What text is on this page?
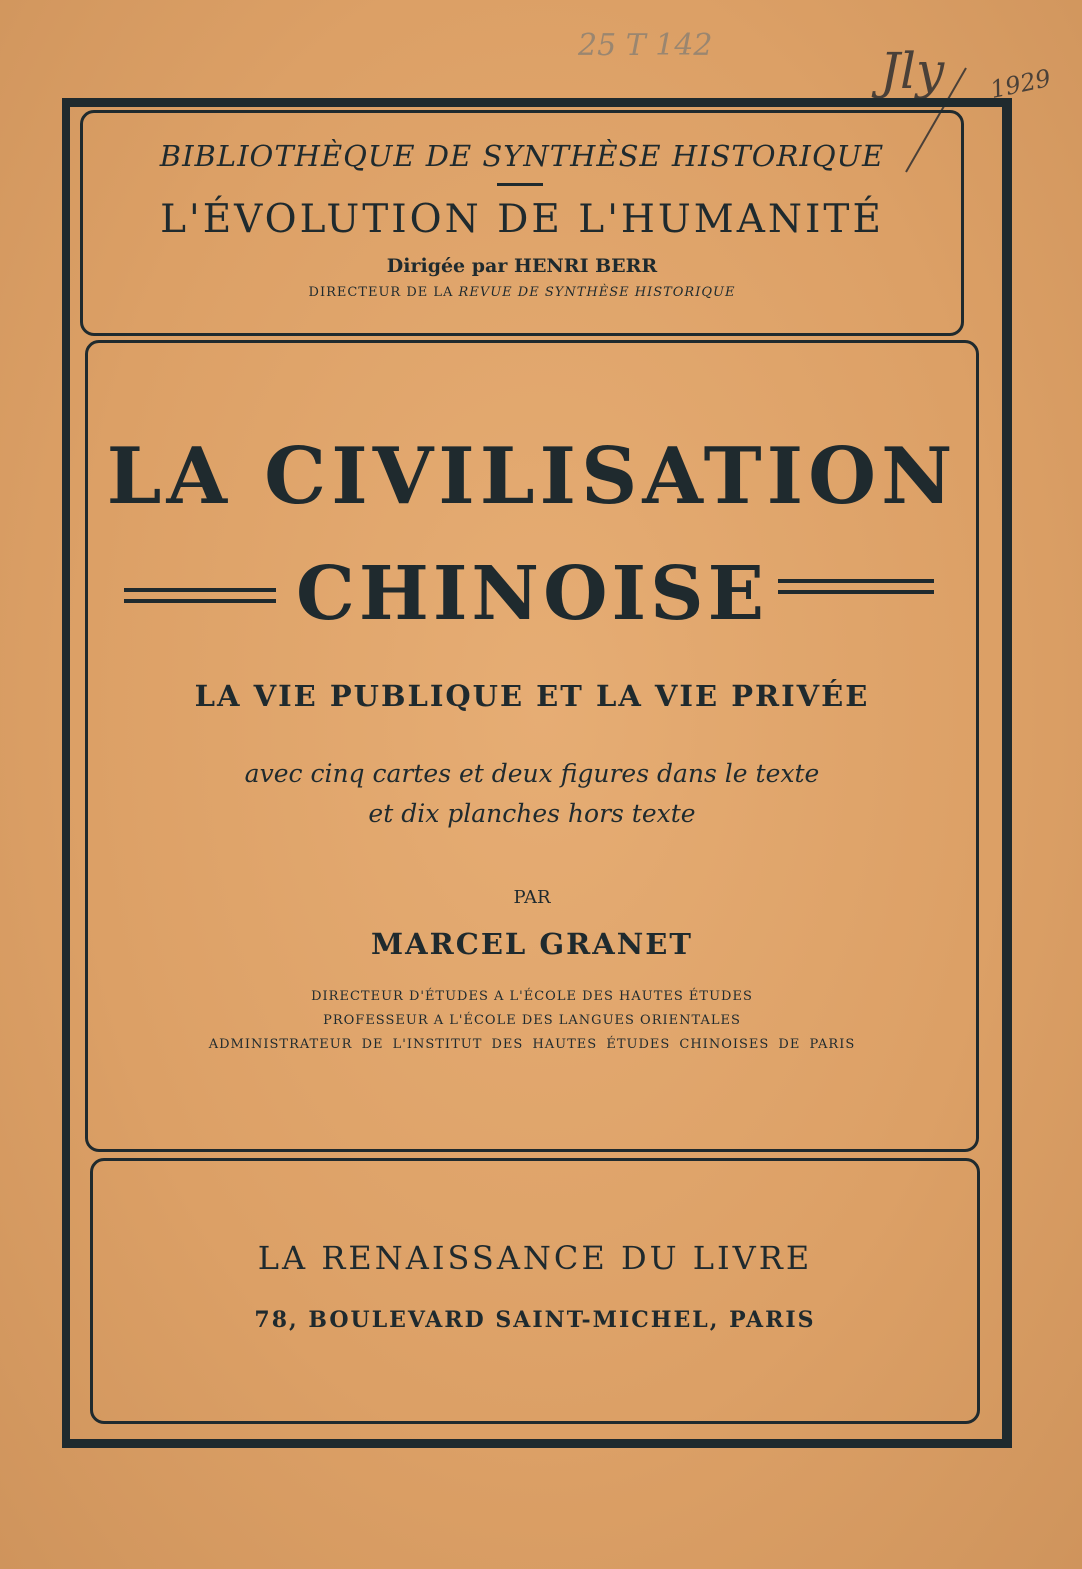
25 T 142	Jly 1929
BIBLIOTHÈQUE DE SYNTHÈSE HISTORIQUE
L'ÉVOLUTION DE L'HUMANITÉ
Dirigée par HENRI BERR
DIRECTEUR DE LA REVUE DE SYNTHÈSE HISTORIQUE
LA CIVILISATION
CHINOISE
LA VIE PUBLIQUE ET LA VIE PRIVÉE
avec cinq cartes et deux figures dans le texte
et dix planches hors texte
PAR
MARCEL GRANET
DIRECTEUR D'ÉTUDES A L'ÉCOLE DES HAUTES ÉTUDES
PROFESSEUR A L'ÉCOLE DES LANGUES ORIENTALES
ADMINISTRATEUR DE L'INSTITUT DES HAUTES ÉTUDES CHINOISES DE PARIS
LA RENAISSANCE DU LIVRE
78, BOULEVARD SAINT-MICHEL, PARIS
